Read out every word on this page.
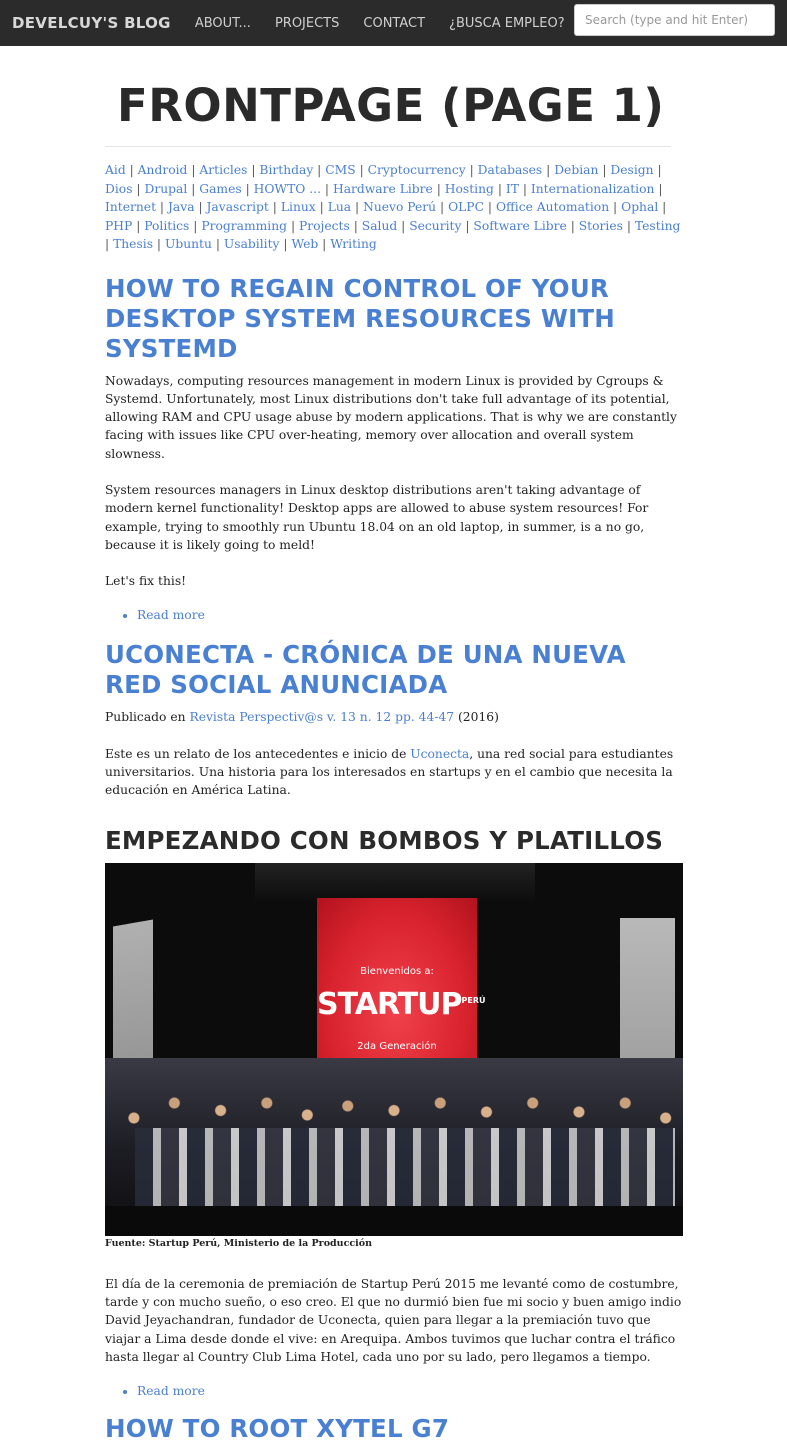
DEVELCUY'S BLOG ABOUT... PROJECTS CONTACT ¿BUSCA EMPLEO?
Search (type and hit Enter)
FRONTPAGE (PAGE 1)
Aid | Android | Articles | Birthday | CMS | Cryptocurrency | Databases | Debian | Design | Dios | Drupal | Games | HOWTO ... | Hardware Libre | Hosting | IT | Internationalization | Internet | Java | Javascript | Linux | Lua | Nuevo Perú | OLPC | Office Automation | Ophal | PHP | Politics | Programming | Projects | Salud | Security | Software Libre | Stories | Testing | Thesis | Ubuntu | Usability | Web | Writing
HOW TO REGAIN CONTROL OF YOUR DESKTOP SYSTEM RESOURCES WITH SYSTEMD

Nowadays, computing resources management in modern Linux is provided by Cgroups & Systemd. Unfortunately, most Linux distributions don't take full advantage of its potential, allowing RAM and CPU usage abuse by modern applications. That is why we are constantly facing with issues like CPU over-heating, memory over allocation and overall system slowness.

System resources managers in Linux desktop distributions aren't taking advantage of modern kernel functionality! Desktop apps are allowed to abuse system resources! For example, trying to smoothly run Ubuntu 18.04 on an old laptop, in summer, is a no go, because it is likely going to meld!

Let's fix this!

• Read more
UCONECTA - CRÓNICA DE UNA NUEVA RED SOCIAL ANUNCIADA

Publicado en Revista Perspectiv@s v. 13 n. 12 pp. 44-47 (2016)

Este es un relato de los antecedentes e inicio de Uconecta, una red social para estudiantes universitarios. Una historia para los interesados en startups y en el cambio que necesita la educación en América Latina.

EMPEZANDO CON BOMBOS Y PLATILLOS
Bienvenidos a:
$STARTUP^{PERÚ}$
2da Generación
Fuente: Startup Perú, Ministerio de la Producción

El día de la ceremonia de premiación de Startup Perú 2015 me levanté como de costumbre, tarde y con mucho sueño, o eso creo. El que no durmió bien fue mi socio y buen amigo indio David Jeyachandran, fundador de Uconecta, quien para llegar a la premiación tuvo que viajar a Lima desde donde el vive: en Arequipa. Ambos tuvimos que luchar contra el tráfico hasta llegar al Country Club Lima Hotel, cada uno por su lado, pero llegamos a tiempo.

• Read more
HOW TO ROOT XYTEL G7
